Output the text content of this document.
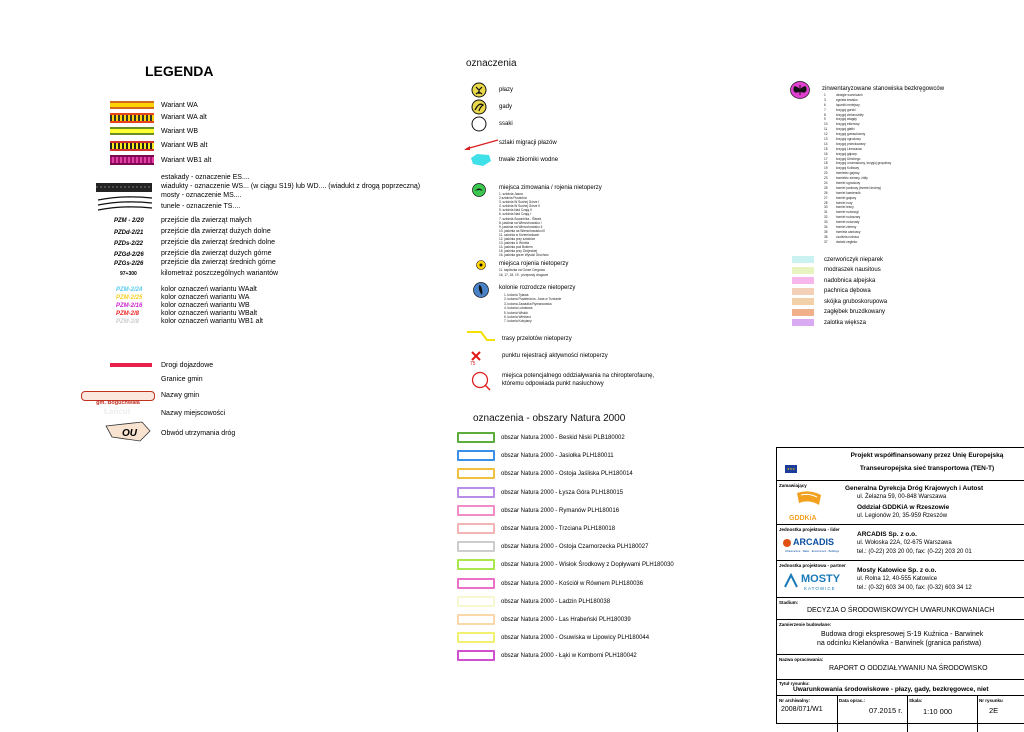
LEGENDA
Wariant WA
Wariant WA alt
Wariant WB
Wariant WB alt
Wariant WB1 alt
estakady - oznaczenie ES....
wiadukty - oznaczenie WS... (w ciągu S19) lub WD.... (wiadukt z drogą poprzeczną)
mosty - oznaczenie MS....
tunele - oznaczenie TS....
PZM - 2/20 przejście dla zwierząt małych
PZDd-2/21	przejście dla zwierząt dużych dolne
PZDs-2/22	przejście dla zwierząt średnich dolne
PZGd-2/26 przejście dla zwierząt dużych górne
PZGs-2/26	przejście dla zwierząt średnich górne
97+300	kilometraż poszczególnych wariantów
PZM-2/24	kolor oznaczeń wariantu WAalt
PZM-2/25	kolor oznaczeń wariantu WA
PZM-2/16	kolor oznaczeń wariantu WB
PZM-2/8	kolor oznaczeń wariantu WBalt
PZM-2/8	kolor oznaczeń wariantu WB1 alt
Drogi dojazdowe
Granice gmin
gm. Boguchwała
Nazwy gmin
Łańcut	Nazwy miejscowości
OU	Obwód utrzymania dróg
oznaczenia
płazy
gady
ssaki
szlaki migracji płazów
trwałe zbiorniki wodne
miejsca zimowania / rojenia nietoperzy
1. sztolnia Jasna
2.sztolnia Puste/nia
3. sztolnia W Suchej Górze I
4. sztolnia W Suchej Górze II
5. sztolnia Nad Czają II
6. sztolnia Nad Czają I
7. sztolnia Sowa/e/ka - Śliwek
8. jaskinia na Wierzchowisku I
9. jaskinia na Wierzchowisku II
10. jaskinia na Wierzchowisku III
11. sztolnia w Krzemionkach
12. jaskinia przy sztolnice
13. jaskinia U Wróbla
14. jaskinia pod Bukiem
15. jaskinia przy Zbójeckiej
16. jaskinia górze Wysoki Grochów
miejsca rojenia nietoperzy
11. kapliczka na Górze Cergowa
16, 17, 18, 19 - przepusty drogowe
kolonie rozrodcze nietoperzy
1. kolonia Tylawa
2. kolonia Pustelnia ks. Jana w Trzcianie
3. kolonia Zawadka Rymanowska
4. kolonia Lubatowa
5. kolonia Wisłok
6. kolonia Wietrzno
7. kolonia Kobylany
trasy przelotów nietoperzy
75
punktu rejestracji aktywności nietoperzy
miejsca potencjalnego oddziaływania na chiropterofaunę,
któremu odpowiada punkt nasłuchowy
oznaczenia - obszary Natura 2000
obszar Natura 2000 - Beskid Niski PLB180002
obszar Natura 2000 - Jasiołka PLH180011
obszar Natura 2000 - Ostoja Jaśliska PLH180014
obszar Natura 2000 - Łysza Góra PLH180015
obszar Natura 2000 - Rymanów PLH180016
obszar Natura 2000 - Trzciana PLH180018
obszar Natura 2000 - Ostoja Czarnorzecka PLH180027
obszar Natura 2000 - Wisłok Środkowy z Dopływami PLH180030
obszar Natura 2000 - Kościół w Równem PLH180036
obszar Natura 2000 - Ladzin PLH180038
obszar Natura 2000 - Las Hrabeński PLH180039
obszar Natura 2000 - Osuwiska w Lipowicy PLH180044
obszar Natura 2000 - Łąki w Komborni PLH180042
zinwentaryzowane stanowiska bezkręgowców
1	dźwigłe wonnicach
3	zgnieła krwisko
6	łączniki mniejszy
7	krzygoj gorski
8	krzygoj zielonożółty
9	krzygoj wiagdy
10	krzygoj ekienosy
11	krzygoj głatki
12	krzygoj gowsukowny
13	krzygoj ogrodowy
14	krzygoj przeckowany
15	krzygoj Linnauusa
16	krzygoj gajowy
17	krzygoj Ulrichego
18	krzygoj urozmaicony, krzygoj grzędowy
19	krzygoj Kolbowy
20	trzmielec gajowy
23	trzmielec ziemny, żółty
24	trzmiel ogrodowy
25	trzmiel parkowy (trzmiel drobny)
26	trzmiel kamiennik
27	trzmiel gajowy
28	trzmiel rudy
30	trzmiel leśny
31	trzmiel rudonogi
32	trzmiel rudoszary
33	trzmiel rudorosły
34	trzmiel ziemny
35	trzmiela cankowy
36	czolżela rudnica
37	dwiwki zegłeko
czerwończyk nieparek
modraszek nausitous
nadobnica alpejska
pachnica dębowa
skójka gruboskorupowa
zagłębek bruzdkowany
zalotka większa
★★★
Projekt współfinansowany przez Unię Europejską
Transeuropejska sieć transportowa (TEN-T)
Zamawiający
GDDKiA
Generalna Dyrekcja Dróg Krajowych i Autost
ul. Żelazna 59, 00-848 Warszawa
Oddział GDDKiA w Rzeszowie
ul. Legionów 20, 35-959 Rzeszów
Jednostka projektowa - lider
ARCADIS
Infrastructure · Water · Environment · Buildings
ARCADIS Sp. z o.o.
ul. Wołoska 22A, 02-675 Warszawa
tel.: (0-22) 203 20 00, fax: (0-22) 203 20 01
Jednostka projektowa - partner
MOSTY
KATOWICE
Mosty Katowice Sp. z o.o.
ul. Rolna 12, 40-555 Katowice
tel.: (0-32) 603 34 00, fax: (0-32) 603 34 12
Stadium:
DECYZJA O ŚRODOWISKOWYCH UWARUNKOWANIACH
Zamierzenie budowlane:
Budowa drogi ekspresowej S-19 Kuźnica - Barwinek
na odcinku Kielanówka - Barwinek (granica państwa)
Nazwa opracowania:
RAPORT O ODDZIAŁYWANIU NA ŚRODOWISKO
Tytuł rysunku:
Uwarunkowania środowiskowe - płazy, gady, bezkręgowce, niet
Nr archiwalny:
2008/071/W1
Data oprac.:
07.2015 r.
Skala:
1:10 000
Nr rysunku
2E
